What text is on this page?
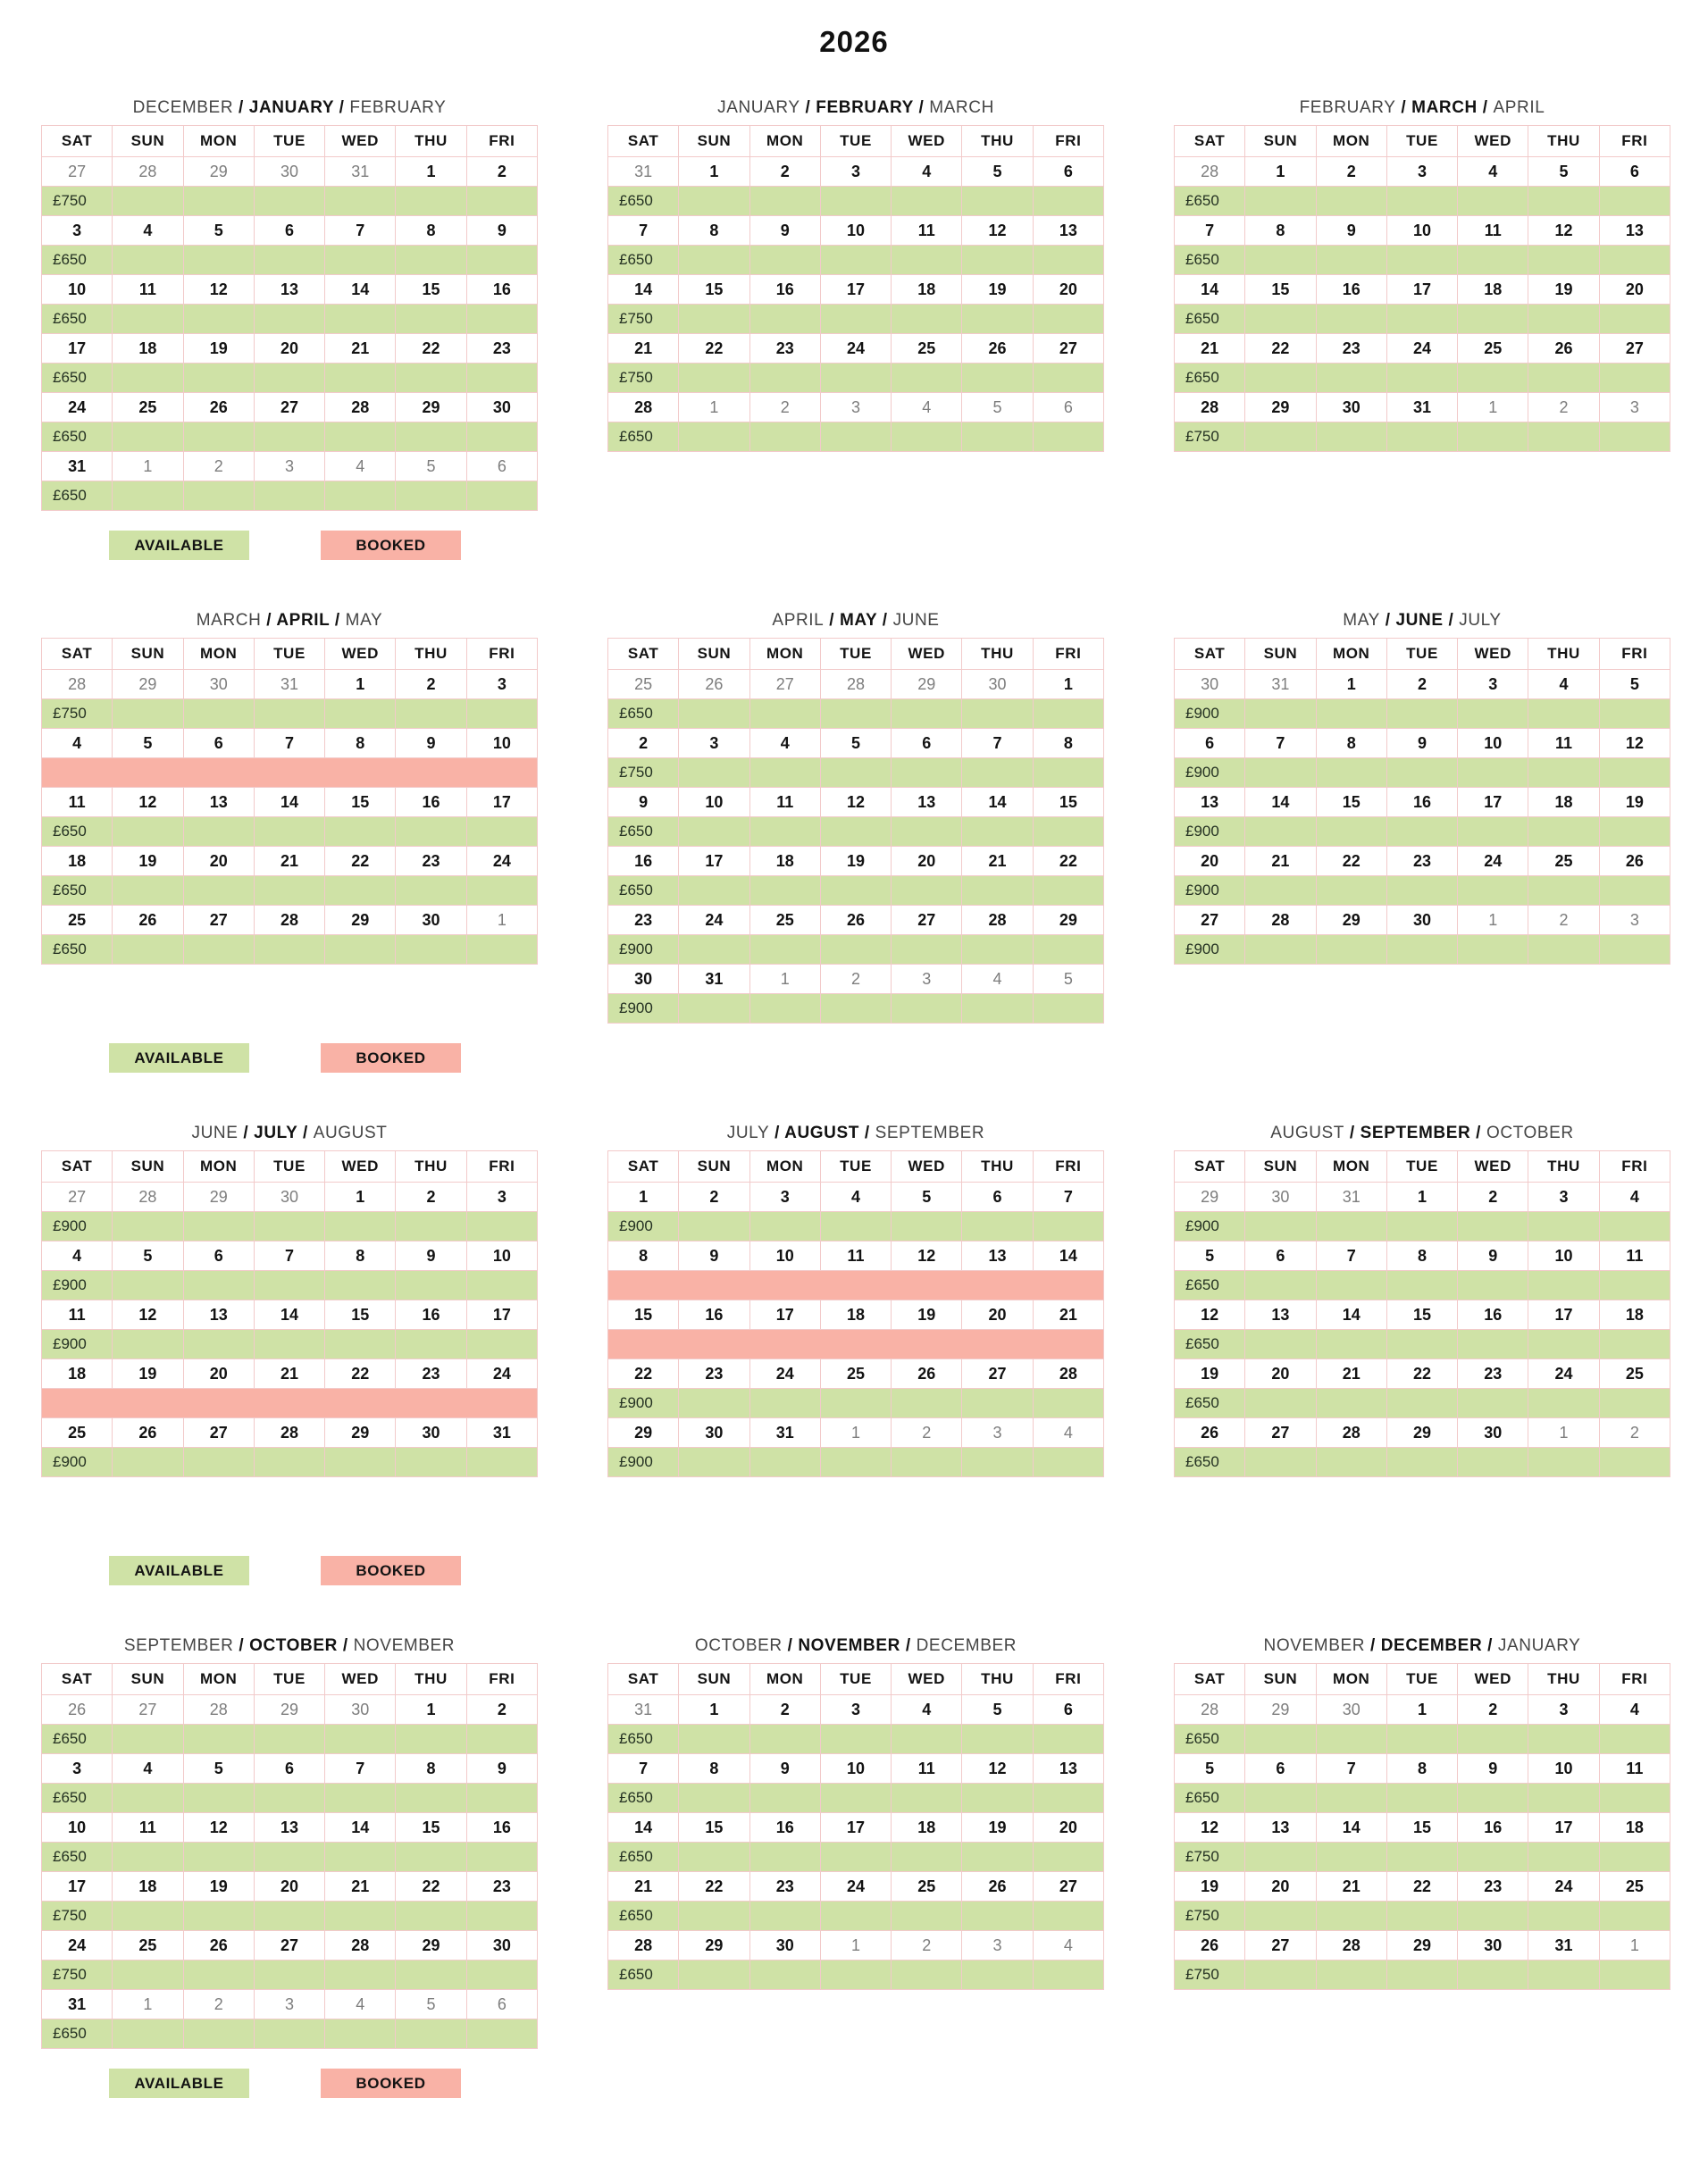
2026
DECEMBER / JANUARY / FEBRUARY
SAT	SUN	MON	TUE	WED	THU	FRI
27	28	29	30	31	1	2
£750						
3	4	5	6	7	8	9
£650						
10	11	12	13	14	15	16
£650						
17	18	19	20	21	22	23
£650						
24	25	26	27	28	29	30
£650						
31	1	2	3	4	5	6
£650						
JANUARY / FEBRUARY / MARCH
SAT	SUN	MON	TUE	WED	THU	FRI
31	1	2	3	4	5	6
£650						
7	8	9	10	11	12	13
£650						
14	15	16	17	18	19	20
£750						
21	22	23	24	25	26	27
£750						
28	1	2	3	4	5	6
£650						
FEBRUARY / MARCH / APRIL
SAT	SUN	MON	TUE	WED	THU	FRI
28	1	2	3	4	5	6
£650						
7	8	9	10	11	12	13
£650						
14	15	16	17	18	19	20
£650						
21	22	23	24	25	26	27
£650						
28	29	30	31	1	2	3
£750						
AVAILABLE	BOOKED
MARCH / APRIL / MAY
SAT	SUN	MON	TUE	WED	THU	FRI
28	29	30	31	1	2	3
£750						
4	5	6	7	8	9	10

11	12	13	14	15	16	17
£650						
18	19	20	21	22	23	24
£650						
25	26	27	28	29	30	1
£650						
APRIL / MAY / JUNE
SAT	SUN	MON	TUE	WED	THU	FRI
25	26	27	28	29	30	1
£650						
2	3	4	5	6	7	8
£750						
9	10	11	12	13	14	15
£650						
16	17	18	19	20	21	22
£650						
23	24	25	26	27	28	29
£900						
30	31	1	2	3	4	5
£900						
MAY / JUNE / JULY
SAT	SUN	MON	TUE	WED	THU	FRI
30	31	1	2	3	4	5
£900						
6	7	8	9	10	11	12
£900						
13	14	15	16	17	18	19
£900						
20	21	22	23	24	25	26
£900						
27	28	29	30	1	2	3
£900						
AVAILABLE	BOOKED
JUNE / JULY / AUGUST
SAT	SUN	MON	TUE	WED	THU	FRI
27	28	29	30	1	2	3
£900						
4	5	6	7	8	9	10
£900						
11	12	13	14	15	16	17
£900						
18	19	20	21	22	23	24

25	26	27	28	29	30	31
£900						
JULY / AUGUST / SEPTEMBER
SAT	SUN	MON	TUE	WED	THU	FRI
1	2	3	4	5	6	7
£900						
8	9	10	11	12	13	14

15	16	17	18	19	20	21

22	23	24	25	26	27	28
£900						
29	30	31	1	2	3	4
£900						
AUGUST / SEPTEMBER / OCTOBER
SAT	SUN	MON	TUE	WED	THU	FRI
29	30	31	1	2	3	4
£900						
5	6	7	8	9	10	11
£650						
12	13	14	15	16	17	18
£650						
19	20	21	22	23	24	25
£650						
26	27	28	29	30	1	2
£650						
AVAILABLE	BOOKED
SEPTEMBER / OCTOBER / NOVEMBER
SAT	SUN	MON	TUE	WED	THU	FRI
26	27	28	29	30	1	2
£650						
3	4	5	6	7	8	9
£650						
10	11	12	13	14	15	16
£650						
17	18	19	20	21	22	23
£750						
24	25	26	27	28	29	30
£750						
31	1	2	3	4	5	6
£650						
OCTOBER / NOVEMBER / DECEMBER
SAT	SUN	MON	TUE	WED	THU	FRI
31	1	2	3	4	5	6
£650						
7	8	9	10	11	12	13
£650						
14	15	16	17	18	19	20
£650						
21	22	23	24	25	26	27
£650						
28	29	30	1	2	3	4
£650						
NOVEMBER / DECEMBER / JANUARY
SAT	SUN	MON	TUE	WED	THU	FRI
28	29	30	1	2	3	4
£650						
5	6	7	8	9	10	11
£650						
12	13	14	15	16	17	18
£750						
19	20	21	22	23	24	25
£750						
26	27	28	29	30	31	1
£750						
AVAILABLE	BOOKED
